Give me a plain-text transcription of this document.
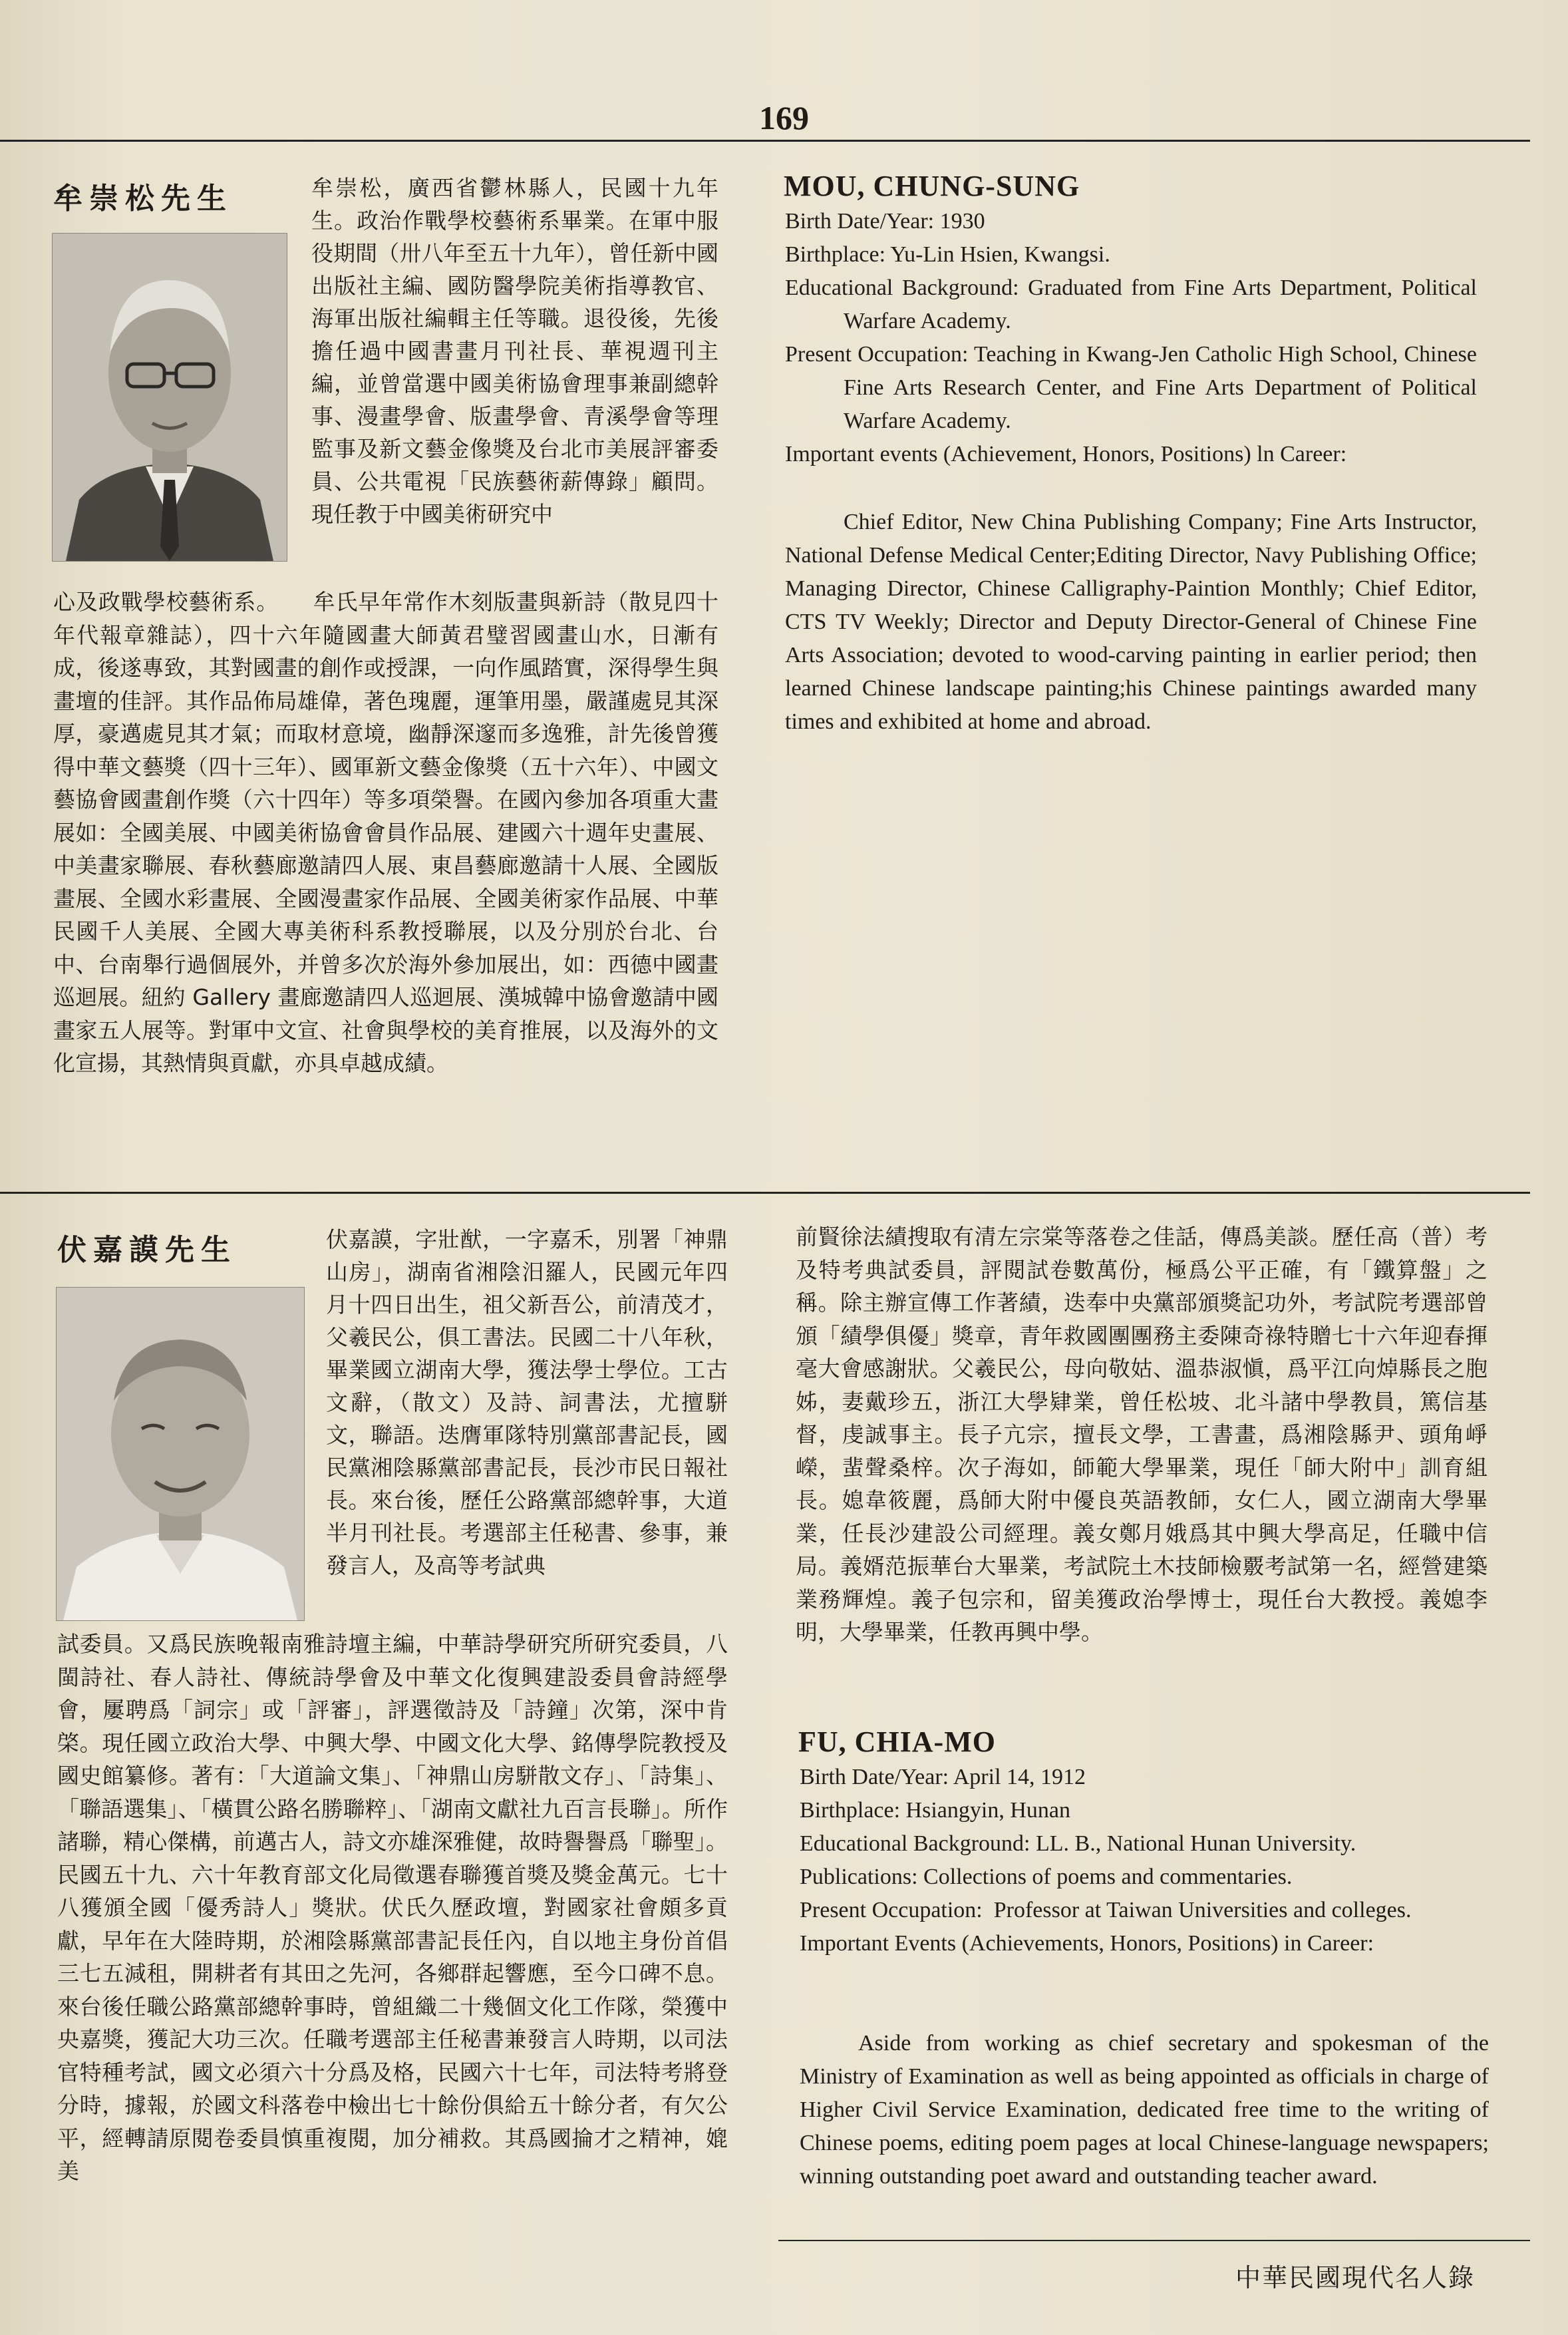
169
牟崇松先生	牟崇松，廣西省鬱林縣人，民國十九年生。政治作戰學校藝術系畢業。在軍中服役期間（卅八年至五十九年），曾任新中國出版社主編、國防醫學院美術指導教官、海軍出版社編輯主任等職。退役後，先後擔任過中國書畫月刊社長、華視週刊主編，並曾當選中國美術協會理事兼副總幹事、漫畫學會、版畫學會、青溪學會等理監事及新文藝金像獎及台北市美展評審委員、公共電視「民族藝術薪傳錄」顧問。現任教于中國美術研究中

心及政戰學校藝術系。　　牟氏早年常作木刻版畫與新詩（散見四十年代報章雜誌），四十六年隨國畫大師黃君璧習國畫山水，日漸有成，後遂專致，其對國畫的創作或授課，一向作風踏實，深得學生與畫壇的佳評。其作品佈局雄偉，著色瑰麗，運筆用墨，嚴謹處見其深厚，豪邁處見其才氣；而取材意境，幽靜深邃而多逸雅，計先後曾獲得中華文藝獎（四十三年）、國軍新文藝金像獎（五十六年）、中國文藝協會國畫創作獎（六十四年）等多項榮譽。在國內參加各項重大畫展如：全國美展、中國美術協會會員作品展、建國六十週年史畫展、中美畫家聯展、春秋藝廊邀請四人展、東昌藝廊邀請十人展、全國版畫展、全國水彩畫展、全國漫畫家作品展、全國美術家作品展、中華民國千人美展、全國大專美術科系教授聯展，以及分別於台北、台中、台南舉行過個展外，并曾多次於海外參加展出，如：西德中國畫巡迴展。紐約 Gallery 畫廊邀請四人巡迴展、漢城韓中協會邀請中國畫家五人展等。對軍中文宣、社會與學校的美育推展，以及海外的文化宣揚，其熱情與貢獻，亦具卓越成績。

MOU, CHUNG-SUNG
Birth Date/Year: 1930
Birthplace: Yu-Lin Hsien, Kwangsi.
Educational Background: Graduated from Fine Arts Department, Political Warfare Academy.
Present Occupation: Teaching in Kwang-Jen Catholic High School, Chinese Fine Arts Research Center, and Fine Arts Department of Political Warfare Academy.
Important events (Achievement, Honors, Positions) ln Career:

Chief Editor, New China Publishing Company; Fine Arts Instructor, National Defense Medical Center;Editing Director, Navy Publishing Office; Managing Director, Chinese Calligraphy-Paintion Monthly; Chief Editor, CTS TV Weekly; Director and Deputy Director-General of Chinese Fine Arts Association; devoted to wood-carving painting in earlier period; then learned Chinese landscape painting;his Chinese paintings awarded many times and exhibited at home and abroad.

伏嘉謨先生	伏嘉謨，字壯猷，一字嘉禾，別署「神鼎山房」，湖南省湘陰汨羅人，民國元年四月十四日出生，祖父新吾公，前清茂才，父羲民公，俱工書法。民國二十八年秋，畢業國立湖南大學，獲法學士學位。工古文辭，（散文）及詩、詞書法，尤擅駢文，聯語。迭膺軍隊特別黨部書記長，國民黨湘陰縣黨部書記長，長沙市民日報社長。來台後，歷任公路黨部總幹事，大道半月刊社長。考選部主任秘書、參事，兼發言人，及高等考試典

試委員。又爲民族晚報南雅詩壇主編，中華詩學研究所研究委員，八閩詩社、春人詩社、傳統詩學會及中華文化復興建設委員會詩經學會，屢聘爲「詞宗」或「評審」，評選徵詩及「詩鐘」次第，深中肯棨。現任國立政治大學、中興大學、中國文化大學、銘傳學院教授及國史館纂修。著有：「大道論文集」、「神鼎山房駢散文存」、「詩集」、「聯語選集」、「橫貫公路名勝聯粹」、「湖南文獻社九百言長聯」。所作諸聯，精心傑構，前邁古人，詩文亦雄深雅健，故時譽譽爲「聯聖」。民國五十九、六十年教育部文化局徵選春聯獲首獎及獎金萬元。七十八獲頒全國「優秀詩人」獎狀。伏氏久歷政壇，對國家社會頗多貢獻，早年在大陸時期，於湘陰縣黨部書記長任內，自以地主身份首倡三七五減租，開耕者有其田之先河，各鄉群起響應，至今口碑不息。來台後任職公路黨部總幹事時，曾組織二十幾個文化工作隊，榮獲中央嘉獎，獲記大功三次。任職考選部主任秘書兼發言人時期，以司法官特種考試，國文必須六十分爲及格，民國六十七年，司法特考將登分時，據報，於國文科落卷中檢出七十餘份俱給五十餘分者，有欠公平，經轉請原閱卷委員慎重複閱，加分補救。其爲國掄才之精神，媲美

前賢徐法績搜取有清左宗棠等落卷之佳話，傳爲美談。歷任高（普）考及特考典試委員，評閱試卷數萬份，極爲公平正確，有「鐵算盤」之稱。除主辦宣傳工作著績，迭奉中央黨部頒獎記功外，考試院考選部曾頒「績學俱優」獎章，青年救國團團務主委陳奇祿特贈七十六年迎春揮毫大會感謝狀。父羲民公，母向敬姑、溫恭淑愼，爲平江向焯縣長之胞姊，妻戴珍五，浙江大學肄業，曾任松坡、北斗諸中學教員，篤信基督，虔誠事主。長子亢宗，擅長文學，工書畫，爲湘陰縣尹、頭角崢嶸，蜚聲桑梓。次子海如，師範大學畢業，現任「師大附中」訓育組長。媳韋筱麗，爲師大附中優良英語教師，女仁人，國立湖南大學畢業，任長沙建設公司經理。義女鄭月娥爲其中興大學高足，任職中信局。義婿范振華台大畢業，考試院土木技師檢覈考試第一名，經營建築業務輝煌。義子包宗和，留美獲政治學博士，現任台大教授。義媳李明，大學畢業，任教再興中學。

FU, CHIA-MO
Birth Date/Year: April 14, 1912
Birthplace: Hsiangyin, Hunan
Educational Background: LL. B., National Hunan University.
Publications: Collections of poems and commentaries.
Present Occupation:  Professor at Taiwan Universities and colleges.
Important Events (Achievements, Honors, Positions) in Career:

Aside from working as chief secretary and spokesman of the Ministry of Examination as well as being appointed as officials in charge of Higher Civil Service Examination, dedicated free time to the writing of Chinese poems, editing poem pages at local Chinese-language newspapers; winning outstanding poet award and outstanding teacher award.

中華民國現代名人錄
